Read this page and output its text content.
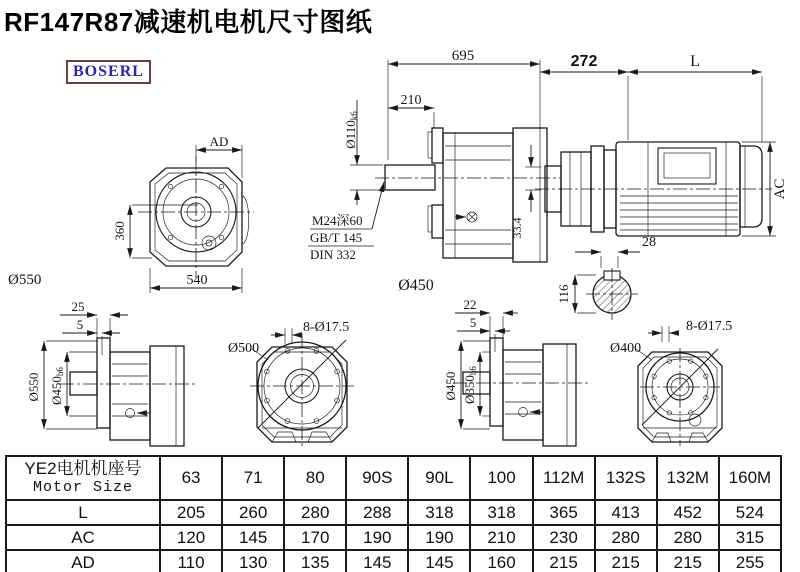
RF147R87减速机电机尺寸图纸
BOSERL
AD
360
540
Ø550
695
210
Ø110k6
M24深60
GB/T 145
DIN 332
33.4
Ø450
272	L
AC
28
116
25
5
Ø550 Ø450h6
Ø500
8-Ø17.5
22
5
Ø450 Ø350h6
Ø400
8-Ø17.5
YE2电机机座号
Motor Size	63	71	80	90S	90L	100	112M	132S	132M	160M
L	205	260	280	288	318	318	365	413	452	524
AC	120	145	170	190	190	210	230	280	280	315
AD	110	130	135	145	145	160	215	215	215	255
